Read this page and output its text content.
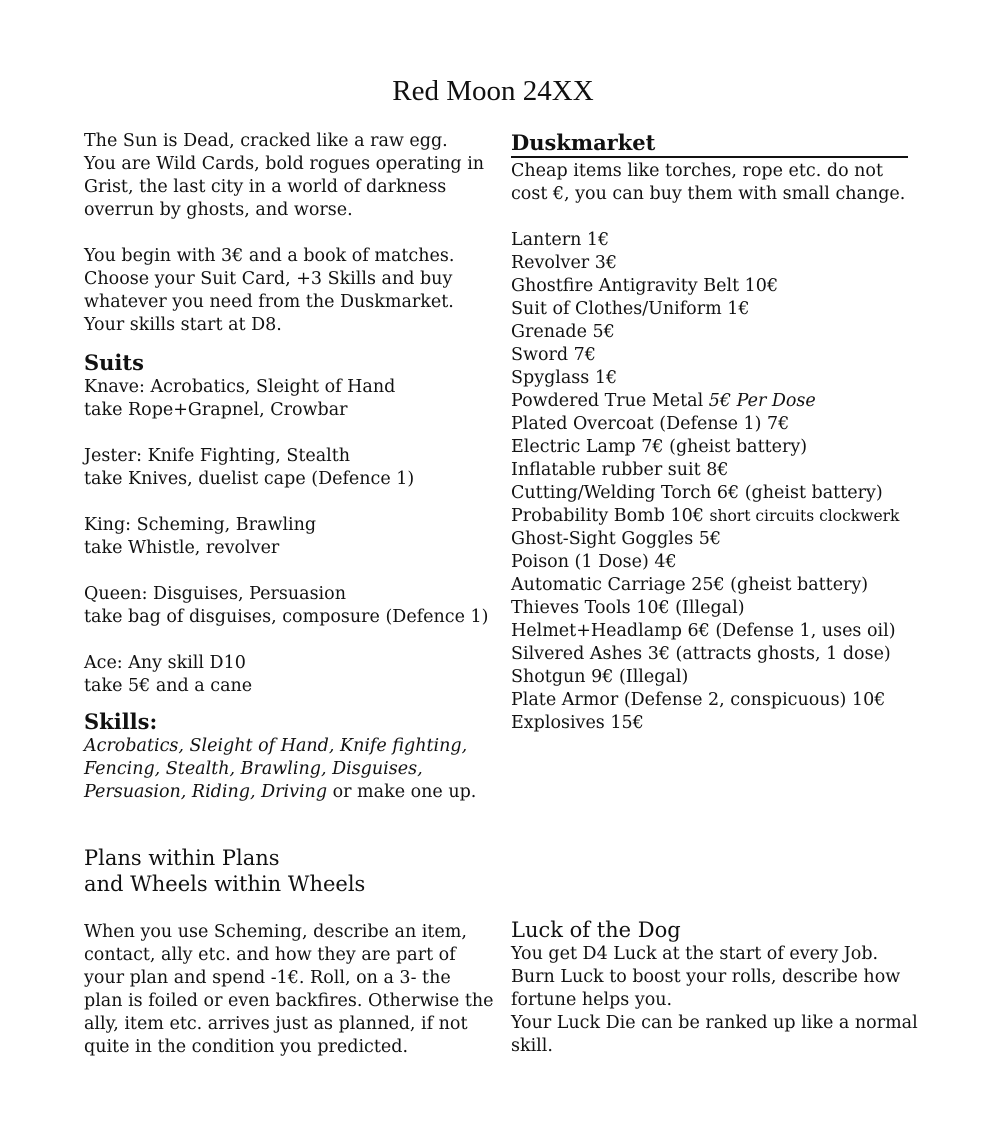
Red Moon 24XX

The Sun is Dead, cracked like a raw egg.

You are Wild Cards, bold rogues operating in

Grist, the last city in a world of darkness

overrun by ghosts, and worse.

You begin with 3€ and a book of matches.

Choose your Suit Card, +3 Skills and buy

whatever you need from the Duskmarket.

Your skills start at D8.

Suits

Knave: Acrobatics, Sleight of Hand

take Rope+Grapnel, Crowbar

Jester: Knife Fighting, Stealth

take Knives, duelist cape (Defence 1)

King: Scheming, Brawling

take Whistle, revolver

Queen: Disguises, Persuasion

take bag of disguises, composure (Defence 1)

Ace: Any skill D10

take 5€ and a cane

Skills:

Acrobatics, Sleight of Hand, Knife fighting,

Fencing, Stealth, Brawling, Disguises,

Persuasion, Riding, Driving or make one up.

Plans within Plans

and Wheels within Wheels

When you use Scheming, describe an item,

contact, ally etc. and how they are part of

your plan and spend -1€. Roll, on a 3- the

plan is foiled or even backfires. Otherwise the

ally, item etc. arrives just as planned, if not

quite in the condition you predicted.

Duskmarket

Cheap items like torches, rope etc. do not

cost €, you can buy them with small change.

Lantern 1€

Revolver 3€

Ghostfire Antigravity Belt 10€

Suit of Clothes/Uniform 1€

Grenade 5€

Sword 7€

Spyglass 1€

Powdered True Metal 5€ Per Dose

Plated Overcoat (Defense 1) 7€

Electric Lamp 7€ (gheist battery)

Inflatable rubber suit 8€

Cutting/Welding Torch 6€ (gheist battery)

Probability Bomb 10€ short circuits clockwerk

Ghost-Sight Goggles 5€

Poison (1 Dose) 4€

Automatic Carriage 25€ (gheist battery)

Thieves Tools 10€ (Illegal)

Helmet+Headlamp 6€ (Defense 1, uses oil)

Silvered Ashes 3€ (attracts ghosts, 1 dose)

Shotgun 9€ (Illegal)

Plate Armor (Defense 2, conspicuous) 10€

Explosives 15€

Luck of the Dog

You get D4 Luck at the start of every Job.

Burn Luck to boost your rolls, describe how

fortune helps you.

Your Luck Die can be ranked up like a normal

skill.
